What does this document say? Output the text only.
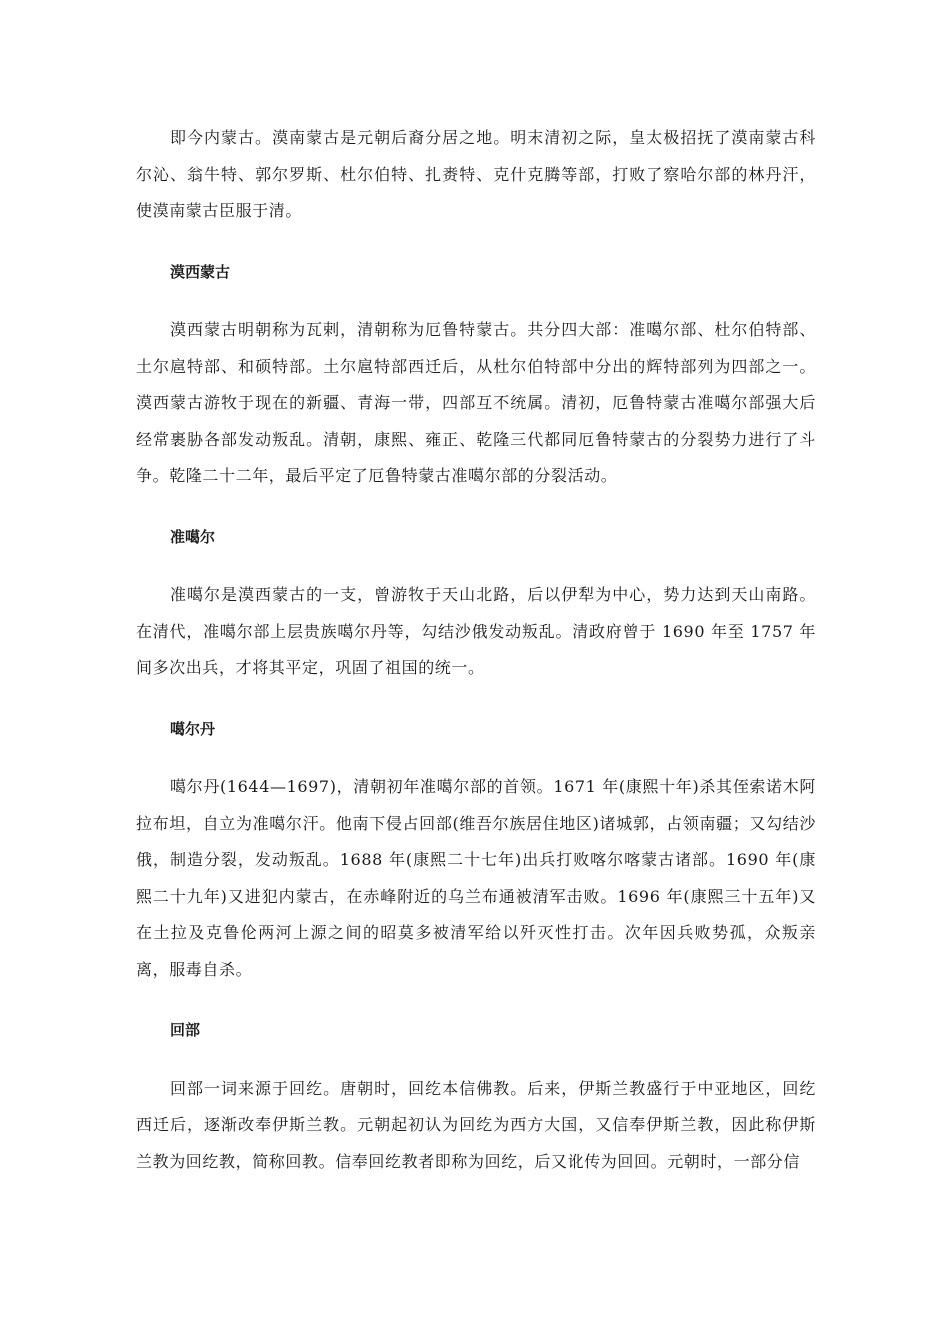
即今内蒙古。漠南蒙古是元朝后裔分居之地。明末清初之际，皇太极招抚了漠南蒙古科尔沁、翁牛特、郭尔罗斯、杜尔伯特、扎赉特、克什克腾等部，打败了察哈尔部的林丹汗，使漠南蒙古臣服于清。

漠西蒙古

漠西蒙古明朝称为瓦剌，清朝称为厄鲁特蒙古。共分四大部：准噶尔部、杜尔伯特部、土尔扈特部、和硕特部。土尔扈特部西迁后，从杜尔伯特部中分出的辉特部列为四部之一。漠西蒙古游牧于现在的新疆、青海一带，四部互不统属。清初，厄鲁特蒙古准噶尔部强大后经常裹胁各部发动叛乱。清朝，康熙、雍正、乾隆三代都同厄鲁特蒙古的分裂势力进行了斗争。乾隆二十二年，最后平定了厄鲁特蒙古准噶尔部的分裂活动。

准噶尔

准噶尔是漠西蒙古的一支，曾游牧于天山北路，后以伊犁为中心，势力达到天山南路。在清代，准噶尔部上层贵族噶尔丹等，勾结沙俄发动叛乱。清政府曾于 1690 年至 1757 年间多次出兵，才将其平定，巩固了祖国的统一。

噶尔丹

噶尔丹(1644—1697)，清朝初年准噶尔部的首领。1671 年(康熙十年)杀其侄索诺木阿拉布坦，自立为准噶尔汗。他南下侵占回部(维吾尔族居住地区)诸城郭，占领南疆；又勾结沙俄，制造分裂，发动叛乱。1688 年(康熙二十七年)出兵打败喀尔喀蒙古诸部。1690 年(康熙二十九年)又进犯内蒙古，在赤峰附近的乌兰布通被清军击败。1696 年(康熙三十五年)又在土拉及克鲁伦两河上源之间的昭莫多被清军给以歼灭性打击。次年因兵败势孤，众叛亲离，服毒自杀。

回部

回部一词来源于回纥。唐朝时，回纥本信佛教。后来，伊斯兰教盛行于中亚地区，回纥西迁后，逐渐改奉伊斯兰教。元朝起初认为回纥为西方大国，又信奉伊斯兰教，因此称伊斯兰教为回纥教，简称回教。信奉回纥教者即称为回纥，后又讹传为回回。元朝时，一部分信
